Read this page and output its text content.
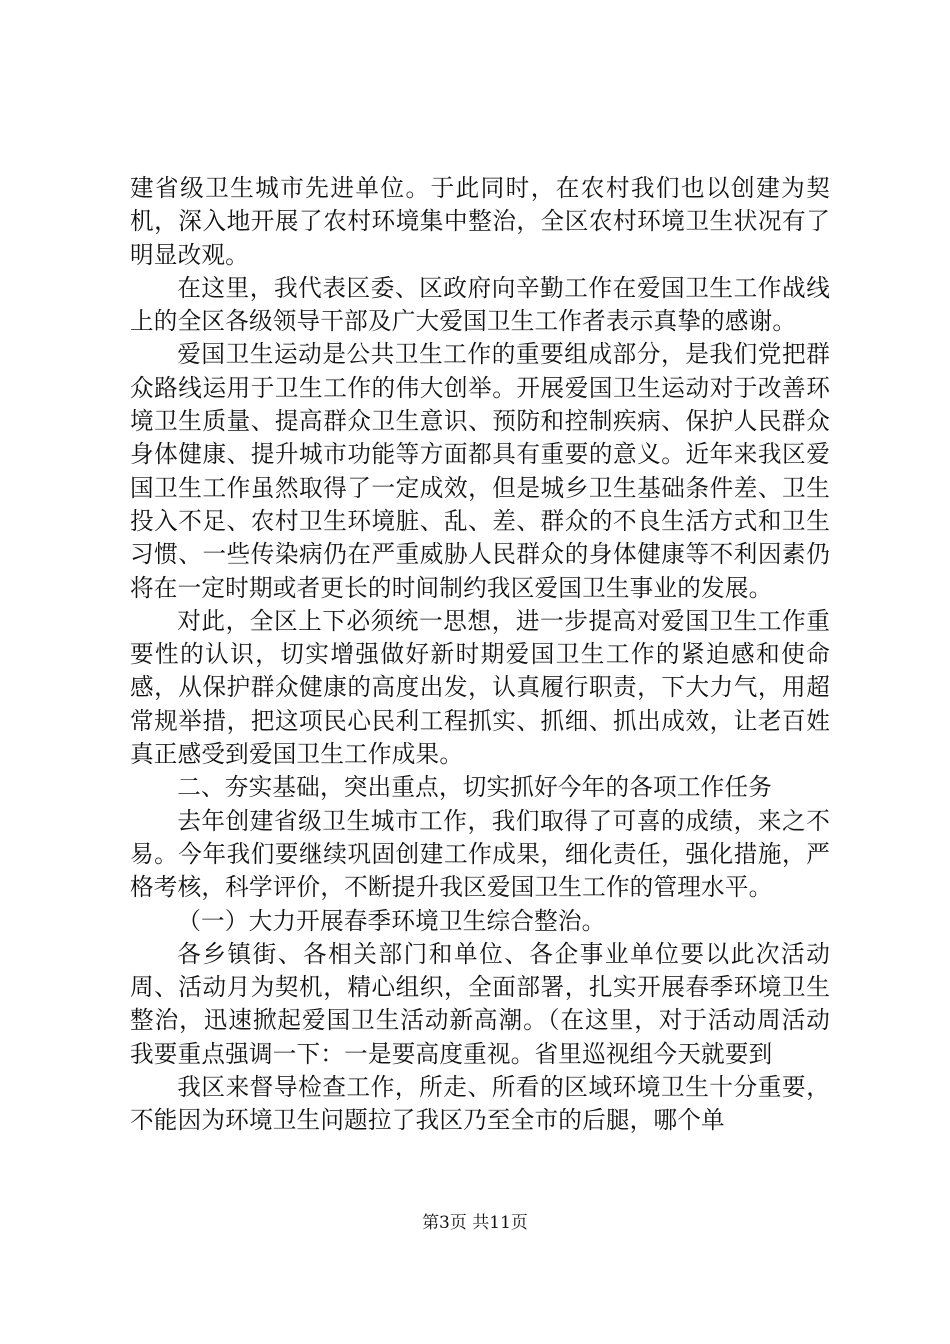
建省级卫生城市先进单位。于此同时，在农村我们也以创建为契机，深入地开展了农村环境集中整治，全区农村环境卫生状况有了明显改观。

在这里，我代表区委、区政府向辛勤工作在爱国卫生工作战线上的全区各级领导干部及广大爱国卫生工作者表示真挚的感谢。

爱国卫生运动是公共卫生工作的重要组成部分，是我们党把群众路线运用于卫生工作的伟大创举。开展爱国卫生运动对于改善环境卫生质量、提高群众卫生意识、预防和控制疾病、保护人民群众身体健康、提升城市功能等方面都具有重要的意义。近年来我区爱国卫生工作虽然取得了一定成效，但是城乡卫生基础条件差、卫生投入不足、农村卫生环境脏、乱、差、群众的不良生活方式和卫生习惯、一些传染病仍在严重威胁人民群众的身体健康等不利因素仍将在一定时期或者更长的时间制约我区爱国卫生事业的发展。

对此，全区上下必须统一思想，进一步提高对爱国卫生工作重要性的认识，切实增强做好新时期爱国卫生工作的紧迫感和使命感，从保护群众健康的高度出发，认真履行职责，下大力气，用超常规举措，把这项民心民利工程抓实、抓细、抓出成效，让老百姓真正感受到爱国卫生工作成果。

二、夯实基础，突出重点，切实抓好今年的各项工作任务

去年创建省级卫生城市工作，我们取得了可喜的成绩，来之不易。今年我们要继续巩固创建工作成果，细化责任，强化措施，严格考核，科学评价，不断提升我区爱国卫生工作的管理水平。

（一）大力开展春季环境卫生综合整治。

各乡镇街、各相关部门和单位、各企事业单位要以此次活动周、活动月为契机，精心组织，全面部署，扎实开展春季环境卫生整治，迅速掀起爱国卫生活动新高潮。（在这里，对于活动周活动我要重点强调一下：一是要高度重视。省里巡视组今天就要到

我区来督导检查工作，所走、所看的区域环境卫生十分重要，不能因为环境卫生问题拉了我区乃至全市的后腿，哪个单

第3页 共11页
